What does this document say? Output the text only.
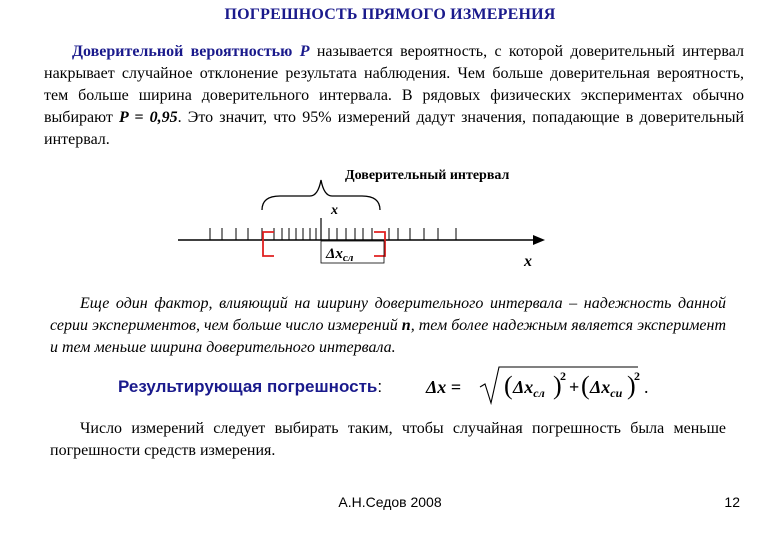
ПОГРЕШНОСТЬ ПРЯМОГО ИЗМЕРЕНИЯ
Доверительной вероятностью P называется вероятность, с которой доверительный интервал накрывает случайное отклонение результата наблюдения. Чем больше доверительная вероятность, тем больше ширина доверительного интервала. В рядовых физических экспериментах обычно выбирают P = 0,95. Это значит, что 95% измерений дадут значения, попадающие в доверительный интервал.
Доверительный интервал
x
$\Delta x_{сл}$	x
Еще один фактор, влияющий на ширину доверительного интервала – надежность данной серии экспериментов, чем больше число измерений n, тем более надежным является эксперимент и тем меньше ширина доверительного интервала.
Результирующая погрешность: Δx = ( $\Delta x_{сл}$ )
2
+ ( $\Delta x_{си}$ )
2
.
Число измерений следует выбирать таким, чтобы случайная погрешность была меньше погрешности средств измерения.
А.Н.Седов 2008	12
